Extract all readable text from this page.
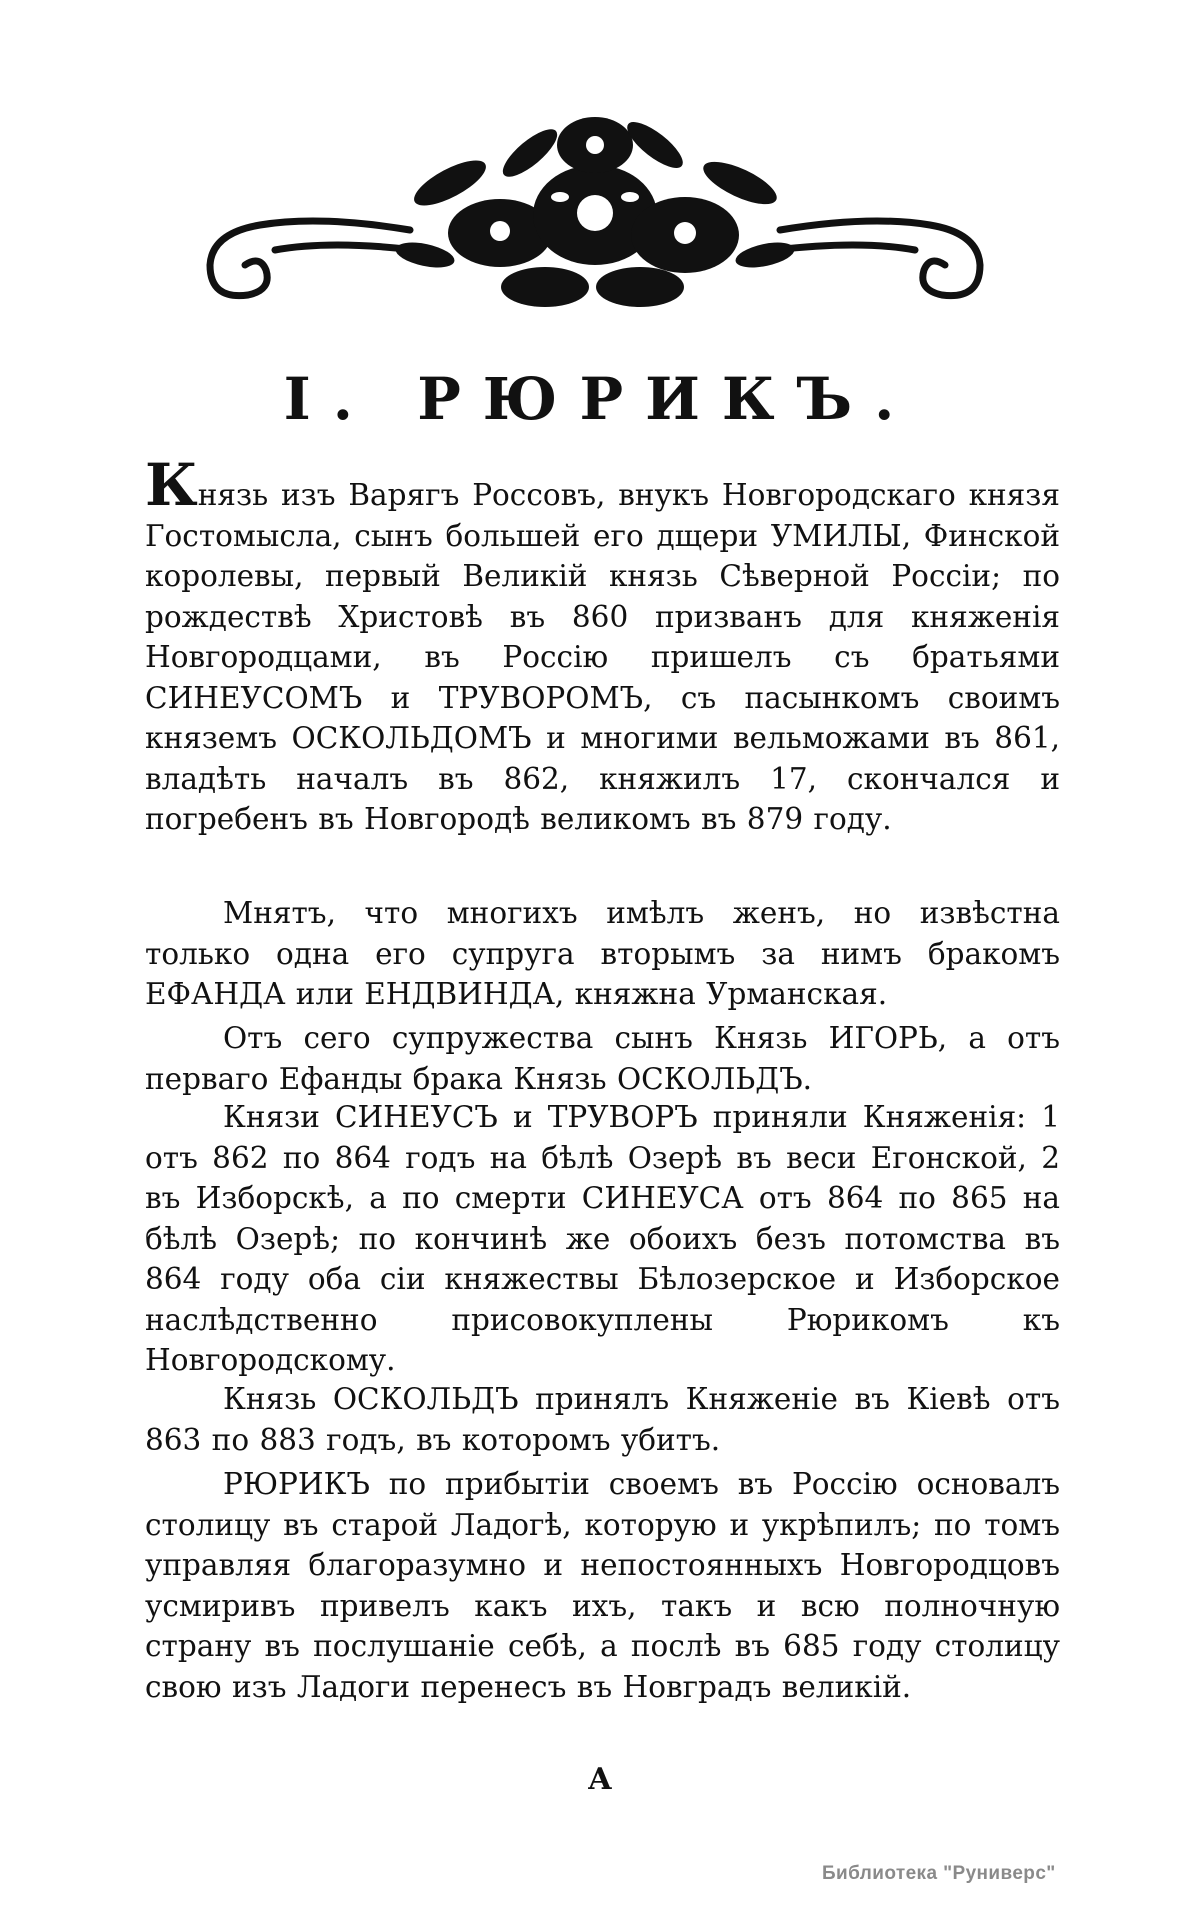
I. РЮРИКЪ.

Князь изъ Варягъ Россовъ, внукъ Новгородскаго князя Гостомысла, сынъ большей его дщери УМИЛЫ, Финской королевы, первый Великiй князь Сѣверной Россiи; по рождествѣ Христовѣ въ 860 призванъ для княженiя Новгородцами, въ Россiю пришелъ съ братьями СИНЕУСОМЪ и ТРУВОРОМЪ, съ пасынкомъ своимъ княземъ ОСКОЛЬДОМЪ и многими вельможами въ 861, владѣть началъ въ 862, княжилъ 17, скончался и погребенъ въ Новгородѣ великомъ въ 879 году.

Мнятъ, что многихъ имѣлъ женъ, но извѣстна только одна его супруга вторымъ за нимъ бракомъ ЕФАНДА или ЕНДВИНДА, княжна Урманская.

Отъ сего супружества сынъ Князь ИГОРЬ, а отъ перваго Ефанды брака Князь ОСКОЛЬДЪ.

Князи СИНЕУСЪ и ТРУВОРЪ приняли Княженiя: 1 отъ 862 по 864 годъ на бѣлѣ Озерѣ въ веси Егонской, 2 въ Изборскѣ, а по смерти СИНЕУСА отъ 864 по 865 на бѣлѣ Озерѣ; по кончинѣ же обоихъ безъ потомства въ 864 году оба сiи княжествы Бѣлозерское и Изборское наслѣдственно присовокуплены Рюрикомъ къ Новгородскому.

Князь ОСКОЛЬДЪ принялъ Княженiе въ Кiевѣ отъ 863 по 883 годъ, въ которомъ убитъ.

РЮРИКЪ по прибытiи своемъ въ Россiю основалъ столицу въ старой Ладогѣ, которую и укрѣпилъ; по томъ управляя благоразумно и непостоянныхъ Новгородцовъ усмиривъ привелъ какъ ихъ, такъ и всю полночную страну въ послушанiе себѣ, а послѣ въ 685 году столицу свою изъ Ладоги перенесъ въ Новградъ великiй.

А
Библиотека "Руниверс"
